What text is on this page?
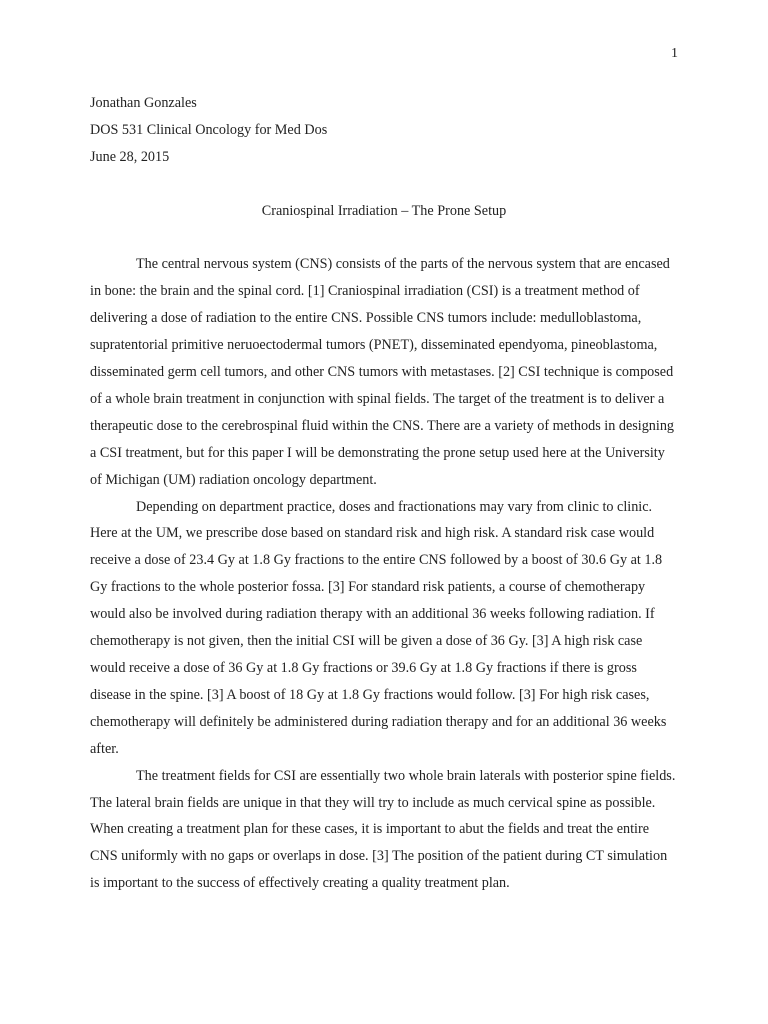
1

Jonathan Gonzales

DOS 531 Clinical Oncology for Med Dos

June 28, 2015

Craniospinal Irradiation – The Prone Setup

The central nervous system (CNS) consists of the parts of the nervous system that are encased in bone: the brain and the spinal cord. [1] Craniospinal irradiation (CSI) is a treatment method of delivering a dose of radiation to the entire CNS. Possible CNS tumors include: medulloblastoma, supratentorial primitive neruoectodermal tumors (PNET), disseminated ependyoma, pineoblastoma, disseminated germ cell tumors, and other CNS tumors with metastases. [2] CSI technique is composed of a whole brain treatment in conjunction with spinal fields. The target of the treatment is to deliver a therapeutic dose to the cerebrospinal fluid within the CNS. There are a variety of methods in designing a CSI treatment, but for this paper I will be demonstrating the prone setup used here at the University of Michigan (UM) radiation oncology department.

Depending on department practice, doses and fractionations may vary from clinic to clinic. Here at the UM, we prescribe dose based on standard risk and high risk. A standard risk case would receive a dose of 23.4 Gy at 1.8 Gy fractions to the entire CNS followed by a boost of 30.6 Gy at 1.8 Gy fractions to the whole posterior fossa. [3] For standard risk patients, a course of chemotherapy would also be involved during radiation therapy with an additional 36 weeks following radiation. If chemotherapy is not given, then the initial CSI will be given a dose of 36 Gy. [3] A high risk case would receive a dose of 36 Gy at 1.8 Gy fractions or 39.6 Gy at 1.8 Gy fractions if there is gross disease in the spine. [3] A boost of 18 Gy at 1.8 Gy fractions would follow. [3] For high risk cases, chemotherapy will definitely be administered during radiation therapy and for an additional 36 weeks after.

The treatment fields for CSI are essentially two whole brain laterals with posterior spine fields. The lateral brain fields are unique in that they will try to include as much cervical spine as possible. When creating a treatment plan for these cases, it is important to abut the fields and treat the entire CNS uniformly with no gaps or overlaps in dose. [3] The position of the patient during CT simulation is important to the success of effectively creating a quality treatment plan.
